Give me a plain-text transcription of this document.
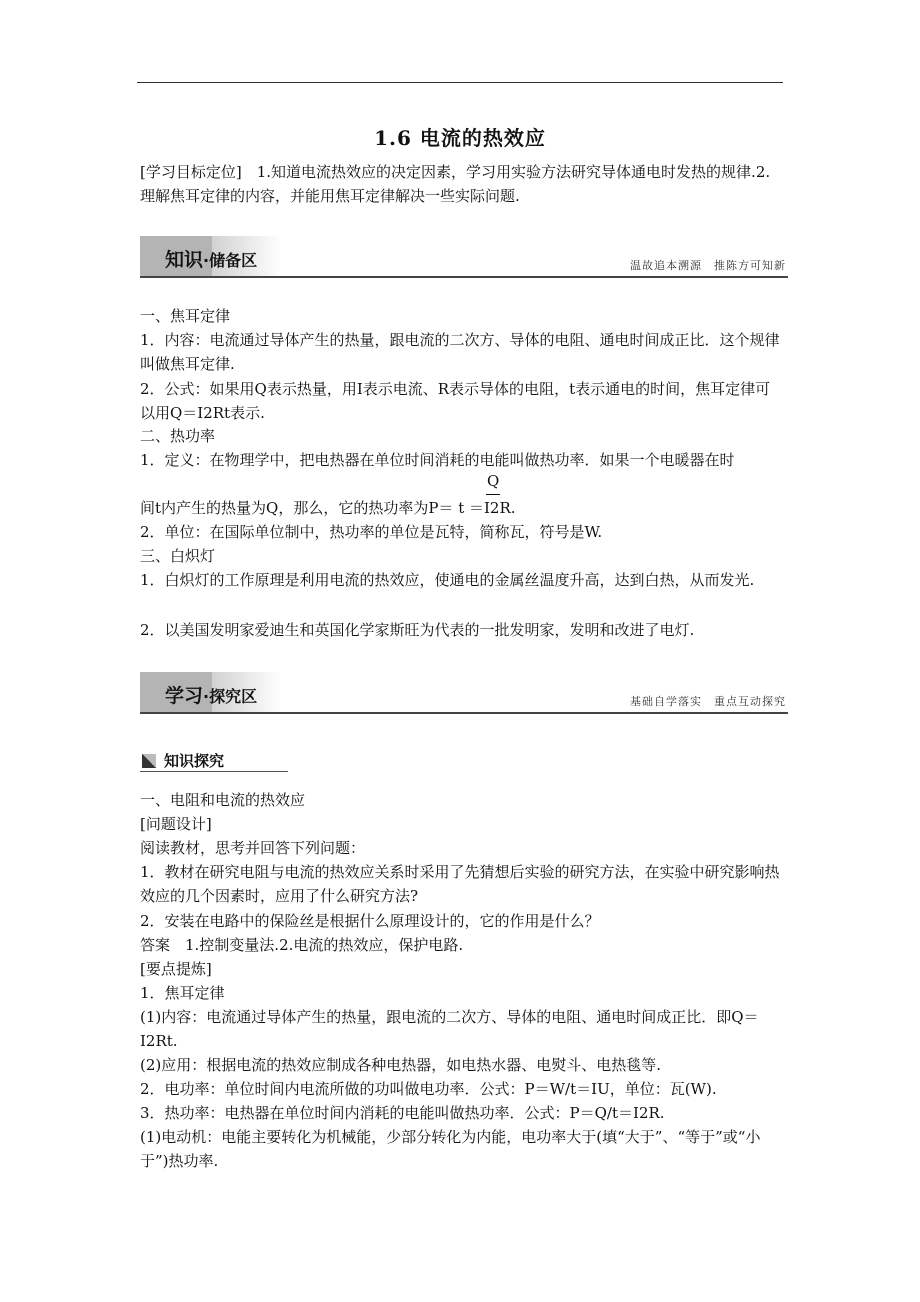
1.6 电流的热效应
[学习目标定位]　 1.知道电流热效应的决定因素，学习用实验方法研究导体通电时发热的规律.2.理解焦耳定律的内容，并能用焦耳定律解决一些实际问题.
知识·储备区	温故追本溯源　推陈方可知新
一、焦耳定律
1．内容：电流通过导体产生的热量，跟电流的二次方、导体的电阻、通电时间成正比．这个规律叫做焦耳定律.
2．公式：如果用Q表示热量，用I表示电流、R表示导体的电阻，t表示通电的时间，焦耳定律可以用Q＝I2Rt表示.
二、热功率
1．定义：在物理学中，把电热器在单位时间消耗的电能叫做热功率．如果一个电暖器在时
Q
间t内产生的热量为Q，那么，它的热功率为P＝ t ＝I2R.
2．单位：在国际单位制中，热功率的单位是瓦特，简称瓦，符号是W.
三、白炽灯
1．白炽灯的工作原理是利用电流的热效应，使通电的金属丝温度升高，达到白热，从而发光.
2．以美国发明家爱迪生和英国化学家斯旺为代表的一批发明家，发明和改进了电灯.
学习·探究区	基础自学落实　重点互动探究
知识探究
一、电阻和电流的热效应
[问题设计]
阅读教材，思考并回答下列问题：
1．教材在研究电阻与电流的热效应关系时采用了先猜想后实验的研究方法，在实验中研究影响热效应的几个因素时，应用了什么研究方法?
2．安装在电路中的保险丝是根据什么原理设计的，它的作用是什么？
答案　1.控制变量法.2.电流的热效应，保护电路.
[要点提炼]
1．焦耳定律
(1)内容：电流通过导体产生的热量，跟电流的二次方、导体的电阻、通电时间成正比．即Q＝I2Rt.
(2)应用：根据电流的热效应制成各种电热器，如电热水器、电熨斗、电热毯等.
2．电功率：单位时间内电流所做的功叫做电功率．公式：P＝W/t＝IU，单位：瓦(W).
3．热功率：电热器在单位时间内消耗的电能叫做热功率．公式：P＝Q/t＝I2R.
(1)电动机：电能主要转化为机械能，少部分转化为内能，电功率大于(填“大于”、“等于”或“小于”)热功率.
